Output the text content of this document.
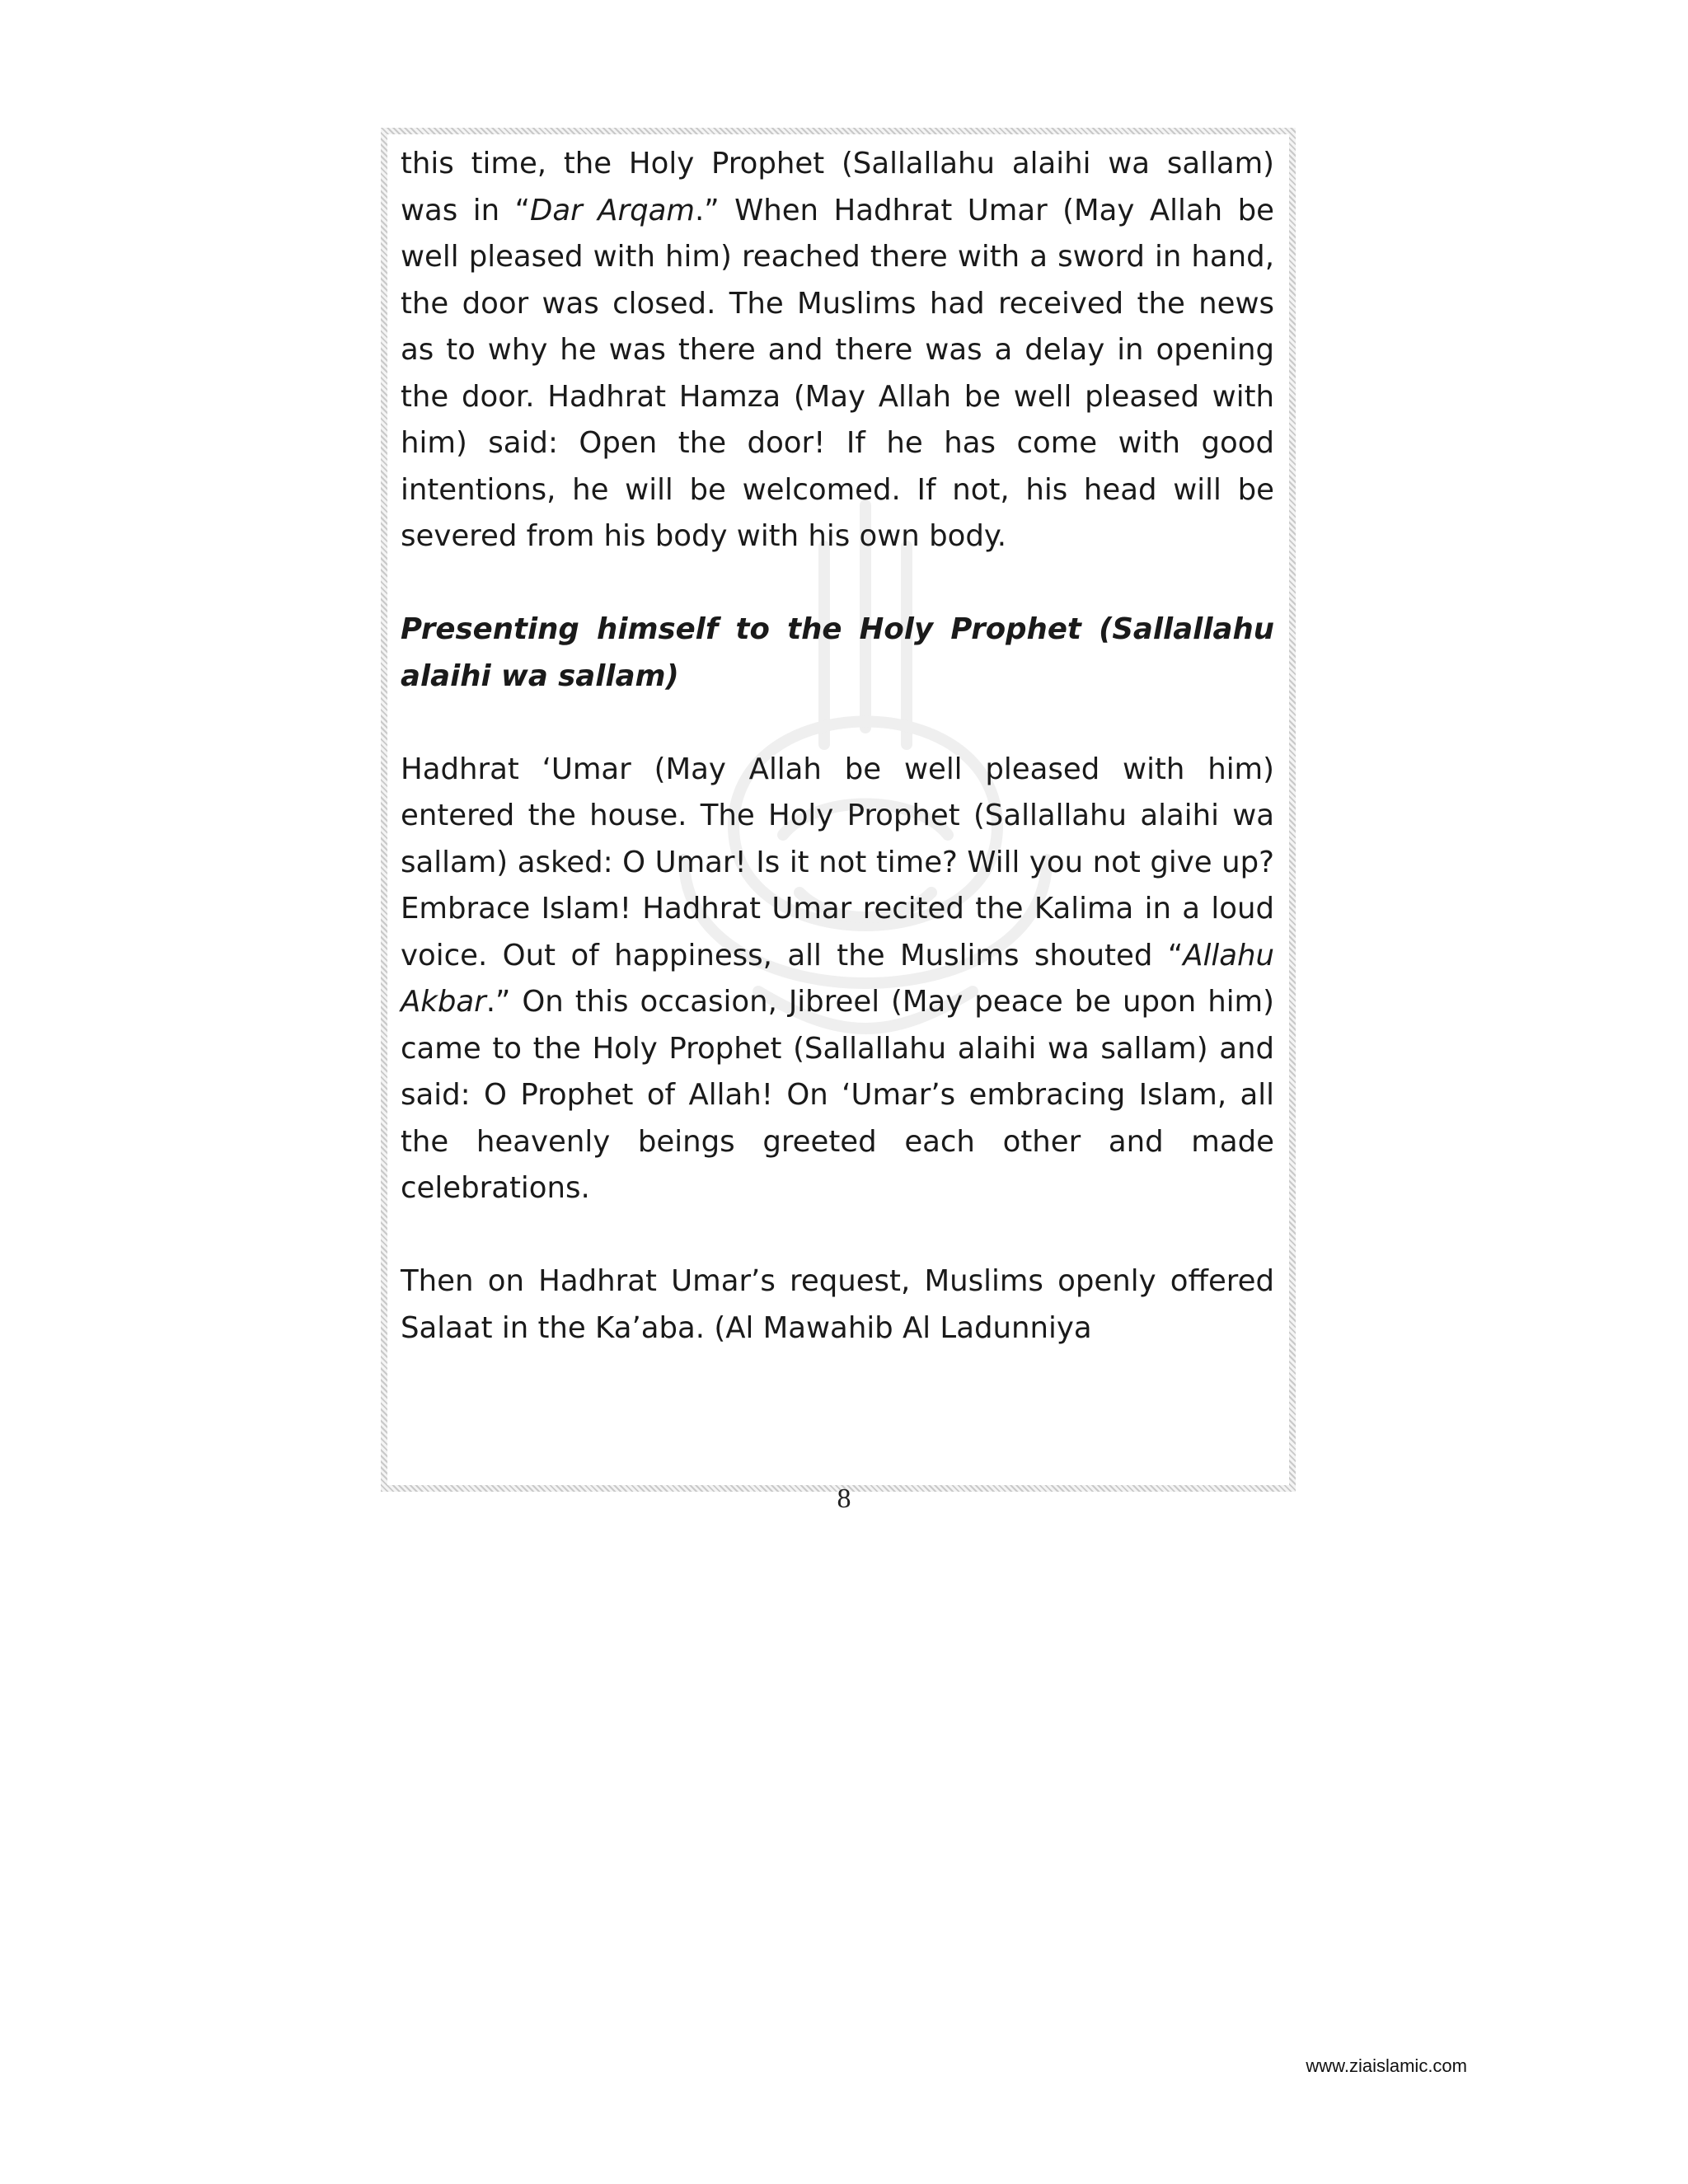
this time, the Holy Prophet (Sallallahu alaihi wa sallam) was in “Dar Arqam.” When Hadhrat Umar (May Allah be well pleased with him) reached there with a sword in hand, the door was closed. The Muslims had received the news as to why he was there and there was a delay in opening the door. Hadhrat Hamza (May Allah be well pleased with him) said: Open the door! If he has come with good intentions, he will be welcomed. If not, his head will be severed from his body with his own body.

Presenting himself to the Holy Prophet (Sallallahu alaihi wa sallam)

Hadhrat ‘Umar (May Allah be well pleased with him) entered the house. The Holy Prophet (Sallallahu alaihi wa sallam) asked: O Umar! Is it not time? Will you not give up? Embrace Islam! Hadhrat Umar recited the Kalima in a loud voice. Out of happiness, all the Muslims shouted “Allahu Akbar.” On this occasion, Jibreel (May peace be upon him) came to the Holy Prophet (Sallallahu alaihi wa sallam) and said: O Prophet of Allah! On ‘Umar’s embracing Islam, all the heavenly beings greeted each other and made celebrations.

Then on Hadhrat Umar’s request, Muslims openly offered Salaat in the Ka’aba. (Al Mawahib Al Ladunniya

8
www.ziaislamic.com
